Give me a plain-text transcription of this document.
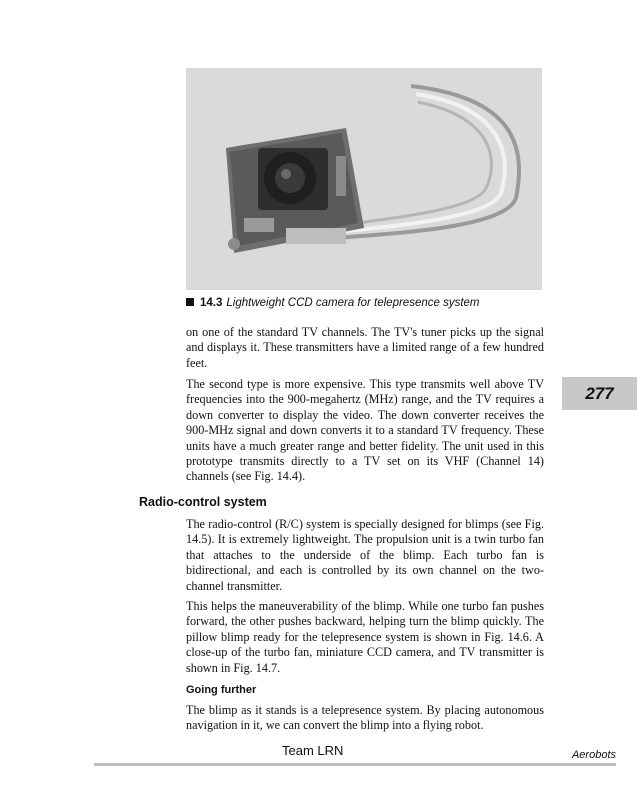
14.3 Lightweight CCD camera for telepresence system

on one of the standard TV channels. The TV's tuner picks up the signal and displays it. These transmitters have a limited range of a few hundred feet.

The second type is more expensive. This type transmits well above TV frequencies into the 900-megahertz (MHz) range, and the TV requires a down converter to display the video. The down converter receives the 900-MHz signal and down converts it to a standard TV frequency. These units have a much greater range and better fidelity. The unit used in this prototype transmits directly to a TV set on its VHF (Channel 14) channels (see Fig. 14.4).

277
Radio-control system

The radio-control (R/C) system is specially designed for blimps (see Fig. 14.5). It is extremely lightweight. The propulsion unit is a twin turbo fan that attaches to the underside of the blimp. Each turbo fan is bidirectional, and each is controlled by its own channel on the two-channel transmitter.

This helps the maneuverability of the blimp. While one turbo fan pushes forward, the other pushes backward, helping turn the blimp quickly. The pillow blimp ready for the telepresence system is shown in Fig. 14.6. A close-up of the turbo fan, miniature CCD camera, and TV transmitter is shown in Fig. 14.7.

Going further

The blimp as it stands is a telepresence system. By placing autonomous navigation in it, we can convert the blimp into a flying robot.

Team LRN	Aerobots
